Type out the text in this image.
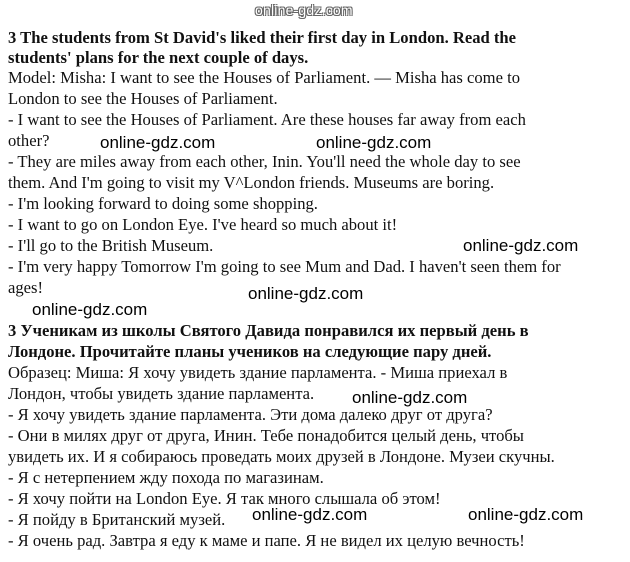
online-gdz.com
3 The students from St David's liked their first day in London. Read the
students' plans for the next couple of days.
Model: Misha: I want to see the Houses of Parliament. — Misha has come to
London to see the Houses of Parliament.
- I want to see the Houses of Parliament. Are these houses far away from each
other?
- They are miles away from each other, Inin. You'll need the whole day to see
them. And I'm going to visit my V^London friends. Museums are boring.
- I'm looking forward to doing some shopping.
- I want to go on London Eye. I've heard so much about it!
- I'll go to the British Museum.
- I'm very happy Tomorrow I'm going to see Mum and Dad. I haven't seen them for
ages!
3 Ученикам из школы Святого Давида понравился их первый день в
Лондоне. Прочитайте планы учеников на следующие пару дней.
Образец: Миша: Я хочу увидеть здание парламента. - Миша приехал в
Лондон, чтобы увидеть здание парламента.
- Я хочу увидеть здание парламента. Эти дома далеко друг от друга?
- Они в милях друг от друга, Инин. Тебе понадобится целый день, чтобы
увидеть их. И я собираюсь проведать моих друзей в Лондоне. Музеи скучны.
- Я с нетерпением жду похода по магазинам.
- Я хочу пойти на London Eye. Я так много слышала об этом!
- Я пойду в Британский музей.
- Я очень рад. Завтра я еду к маме и папе. Я не видел их целую вечность!
online-gdz.com	online-gdz.com
online-gdz.com
online-gdz.com
online-gdz.com
online-gdz.com
online-gdz.com	online-gdz.com
